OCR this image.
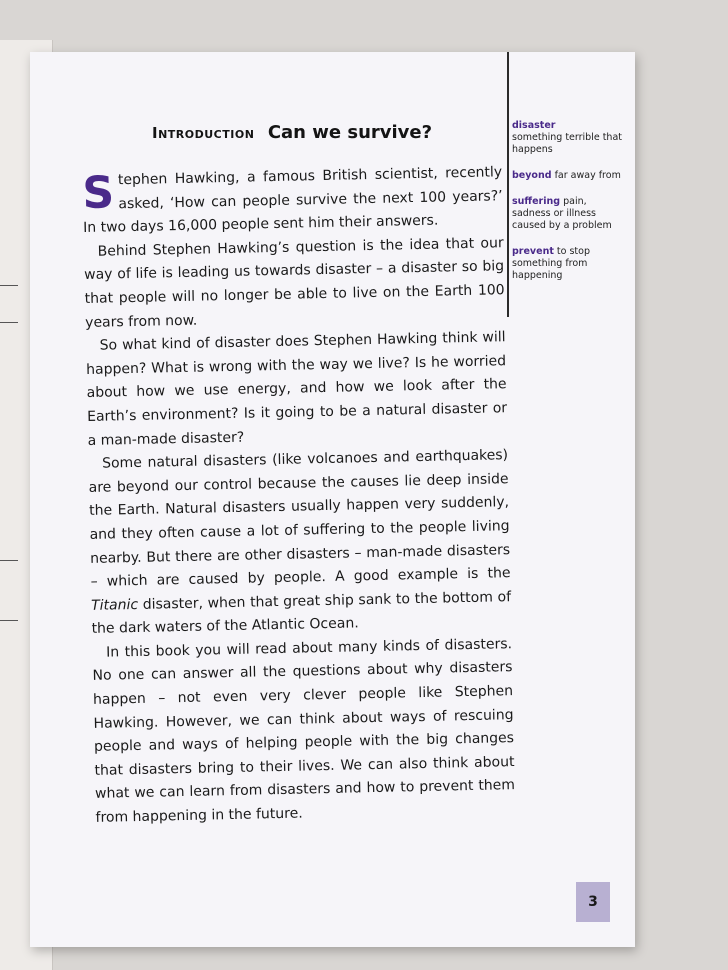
Introduction Can we survive?

Stephen Hawking, a famous British scientist, recently asked, ‘How can people survive the next 100 years?’ In two days 16,000 people sent him their answers.

Behind Stephen Hawking’s question is the idea that our way of life is leading us towards disaster – a disaster so big that people will no longer be able to live on the Earth 100 years from now.

So what kind of disaster does Stephen Hawking think will happen? What is wrong with the way we live? Is he worried about how we use energy, and how we look after the Earth’s environment? Is it going to be a natural disaster or a man-made disaster?

Some natural disasters (like volcanoes and earthquakes) are beyond our control because the causes lie deep inside the Earth. Natural disasters usually happen very suddenly, and they often cause a lot of suffering to the people living nearby. But there are other disasters – man-made disasters – which are caused by people. A good example is the Titanic disaster, when that great ship sank to the bottom of the dark waters of the Atlantic Ocean.

In this book you will read about many kinds of disasters. No one can answer all the questions about why disasters happen – not even very clever people like Stephen Hawking. However, we can think about ways of rescuing people and ways of helping people with the big changes that disasters bring to their lives. We can also think about what we can learn from disasters and how to prevent them from happening in the future.

disaster
something terrible that happens
beyond far away from
suffering pain, sadness or illness caused by a problem
prevent to stop something from happening
3
